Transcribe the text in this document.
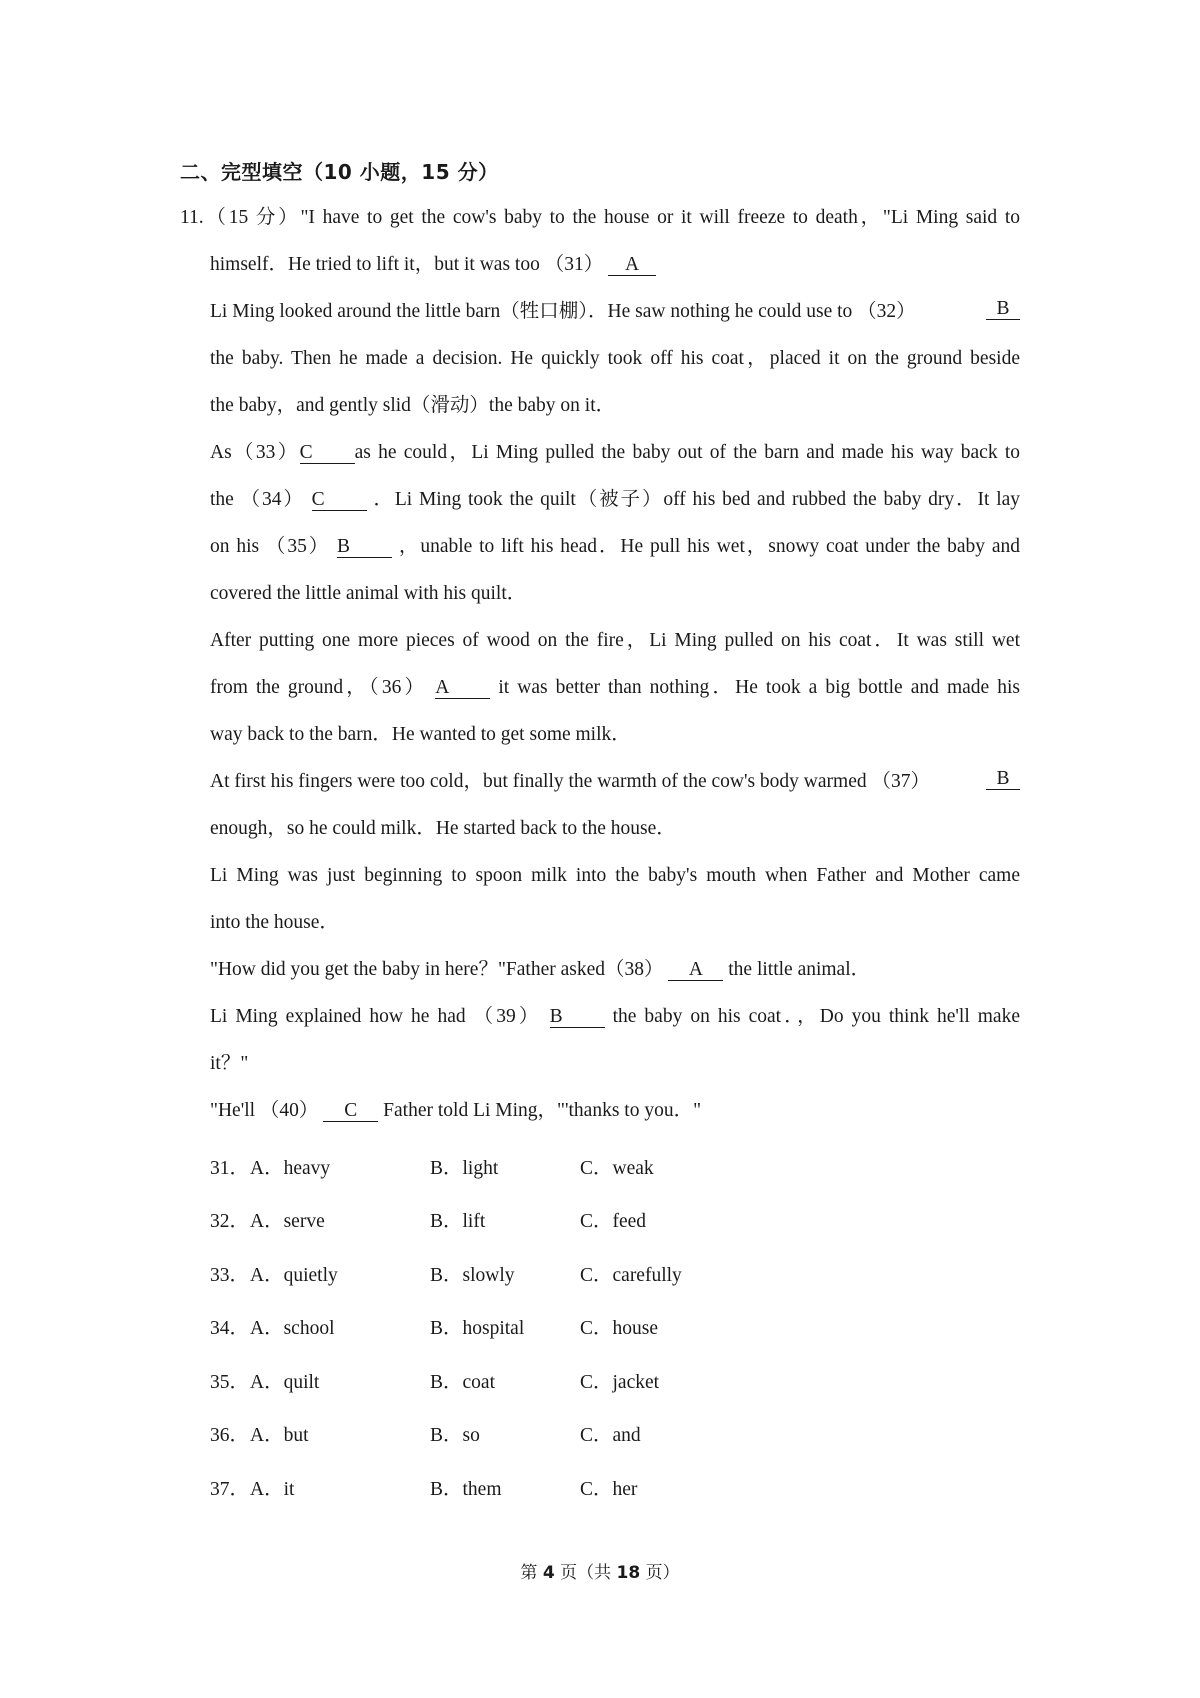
二、完型填空（10 小题，15 分）
11.（15 分）"I have to get the cow's baby to the house or it will freeze to death，"Li Ming said to
himself．He tried to lift it，but it was too （31） A
Li Ming looked around the little barn（牲口棚）．He saw nothing he could use to （32）	B
the baby. Then he made a decision. He quickly took off his coat，placed it on the ground beside
the baby，and gently slid（滑动）the baby on it．
As（33）C as he could，Li Ming pulled the baby out of the barn and made his way back to
the （34） C	．Li Ming took the quilt（被子）off his bed and rubbed the baby dry．It lay
on his （35） B	，unable to lift his head．He pull his wet，snowy coat under the baby and
covered the little animal with his quilt．
After putting one more pieces of wood on the fire，Li Ming pulled on his coat．It was still wet
from the ground，（36） A	it was better than nothing．He took a big bottle and made his
way back to the barn．He wanted to get some milk．
At first his fingers were too cold，but finally the warmth of the cow's body warmed （37）	B
enough，so he could milk．He started back to the house．
Li Ming was just beginning to spoon milk into the baby's mouth when Father and Mother came
into the house．
"How did you get the baby in here？"Father asked（38） A the little animal．
Li Ming explained how he had （39） B	the baby on his coat．，Do you think he'll make
it？"
"He'll （40） C Father told Li Ming，"'thanks to you．"
31． A．heavy	B．light	C．weak
32． A．serve	B．lift	C．feed
33． A．quietly	B．slowly	C．carefully
34． A．school	B．hospital	C．house
35． A．quilt	B．coat	C．jacket
36． A．but	B．so	C．and
37． A．it	B．them	C．her
第 4 页（共 18 页）
